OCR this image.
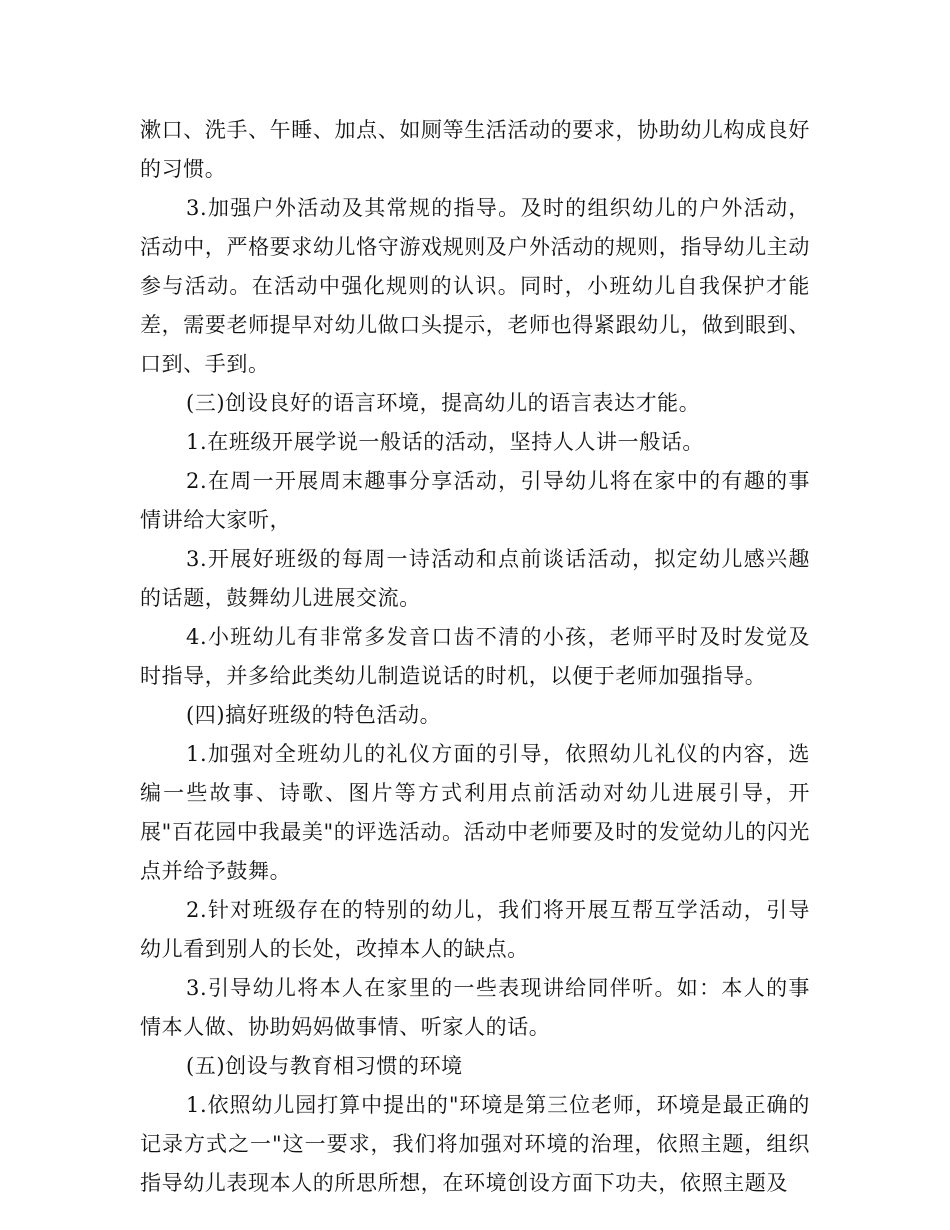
漱口、洗手、午睡、加点、如厕等生活活动的要求，协助幼儿构成良好的习惯。

3.加强户外活动及其常规的指导。及时的组织幼儿的户外活动，活动中，严格要求幼儿恪守游戏规则及户外活动的规则，指导幼儿主动参与活动。在活动中强化规则的认识。同时，小班幼儿自我保护才能差，需要老师提早对幼儿做口头提示，老师也得紧跟幼儿，做到眼到、口到、手到。

(三)创设良好的语言环境，提高幼儿的语言表达才能。

1.在班级开展学说一般话的活动，坚持人人讲一般话。

2.在周一开展周末趣事分享活动，引导幼儿将在家中的有趣的事情讲给大家听，

3.开展好班级的每周一诗活动和点前谈话活动，拟定幼儿感兴趣的话题，鼓舞幼儿进展交流。

4.小班幼儿有非常多发音口齿不清的小孩，老师平时及时发觉及时指导，并多给此类幼儿制造说话的时机，以便于老师加强指导。

(四)搞好班级的特色活动。

1.加强对全班幼儿的礼仪方面的引导，依照幼儿礼仪的内容，选编一些故事、诗歌、图片等方式利用点前活动对幼儿进展引导，开展"百花园中我最美"的评选活动。活动中老师要及时的发觉幼儿的闪光点并给予鼓舞。

2.针对班级存在的特别的幼儿，我们将开展互帮互学活动，引导幼儿看到别人的长处，改掉本人的缺点。

3.引导幼儿将本人在家里的一些表现讲给同伴听。如：本人的事情本人做、协助妈妈做事情、听家人的话。

(五)创设与教育相习惯的环境

1.依照幼儿园打算中提出的"环境是第三位老师，环境是最正确的记录方式之一"这一要求，我们将加强对环境的治理，依照主题，组织指导幼儿表现本人的所思所想，在环境创设方面下功夫，依照主题及
